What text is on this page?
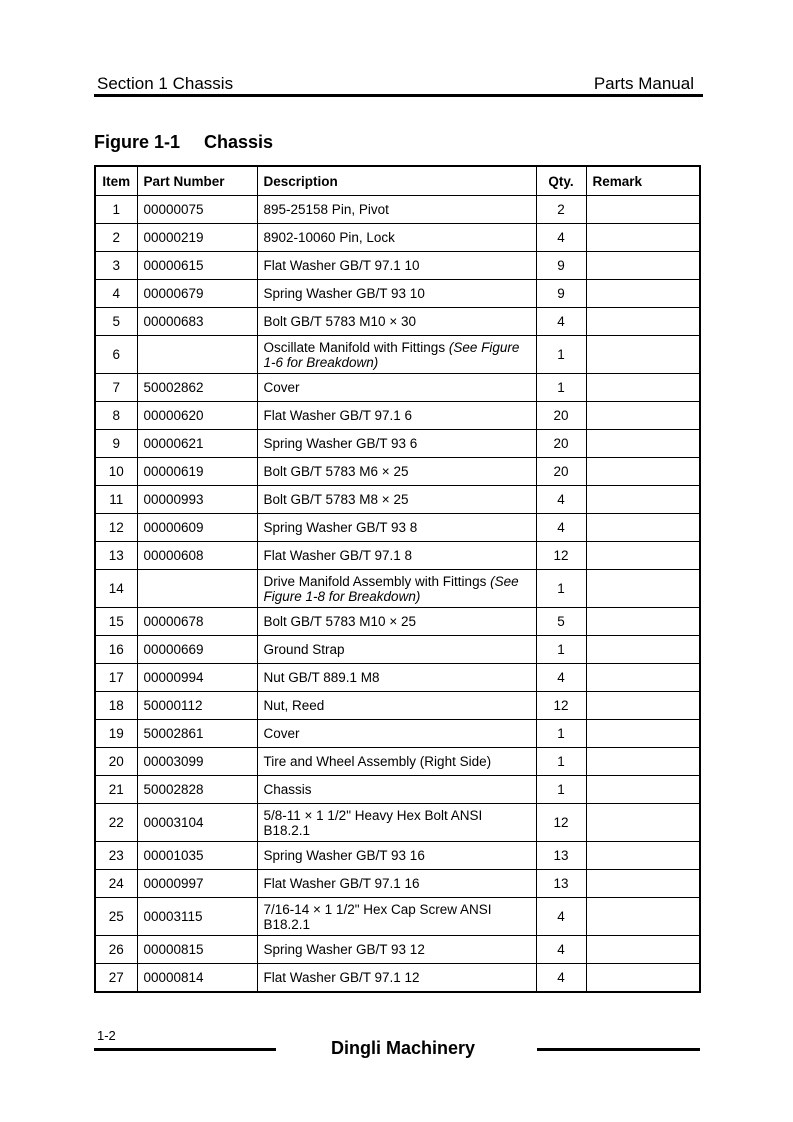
Section 1 Chassis	Parts Manual
Figure 1-1 Chassis
Item	Part Number	Description	Qty.	Remark
1	00000075	895-25158 Pin, Pivot	2	
2	00000219	8902-10060 Pin, Lock	4	
3	00000615	Flat Washer GB/T 97.1 10	9	
4	00000679	Spring Washer GB/T 93 10	9	
5	00000683	Bolt GB/T 5783 M10 × 30	4	
6		Oscillate Manifold with Fittings (See Figure 1-6 for Breakdown)	1	
7	50002862	Cover	1	
8	00000620	Flat Washer GB/T 97.1 6	20	
9	00000621	Spring Washer GB/T 93 6	20	
10	00000619	Bolt GB/T 5783 M6 × 25	20	
11	00000993	Bolt GB/T 5783 M8 × 25	4	
12	00000609	Spring Washer GB/T 93 8	4	
13	00000608	Flat Washer GB/T 97.1 8	12	
14		Drive Manifold Assembly with Fittings (See Figure 1-8 for Breakdown)	1	
15	00000678	Bolt GB/T 5783 M10 × 25	5	
16	00000669	Ground Strap	1	
17	00000994	Nut GB/T 889.1 M8	4	
18	50000112	Nut, Reed	12	
19	50002861	Cover	1	
20	00003099	Tire and Wheel Assembly (Right Side)	1	
21	50002828	Chassis	1	
22	00003104	5/8-11 × 1 1/2" Heavy Hex Bolt ANSI B18.2.1	12	
23	00001035	Spring Washer GB/T 93 16	13	
24	00000997	Flat Washer GB/T 97.1 16	13	
25	00003115	7/16-14 × 1 1/2" Hex Cap Screw ANSI B18.2.1	4	
26	00000815	Spring Washer GB/T 93 12	4	
27	00000814	Flat Washer GB/T 97.1 12	4	
1-2
Dingli Machinery
